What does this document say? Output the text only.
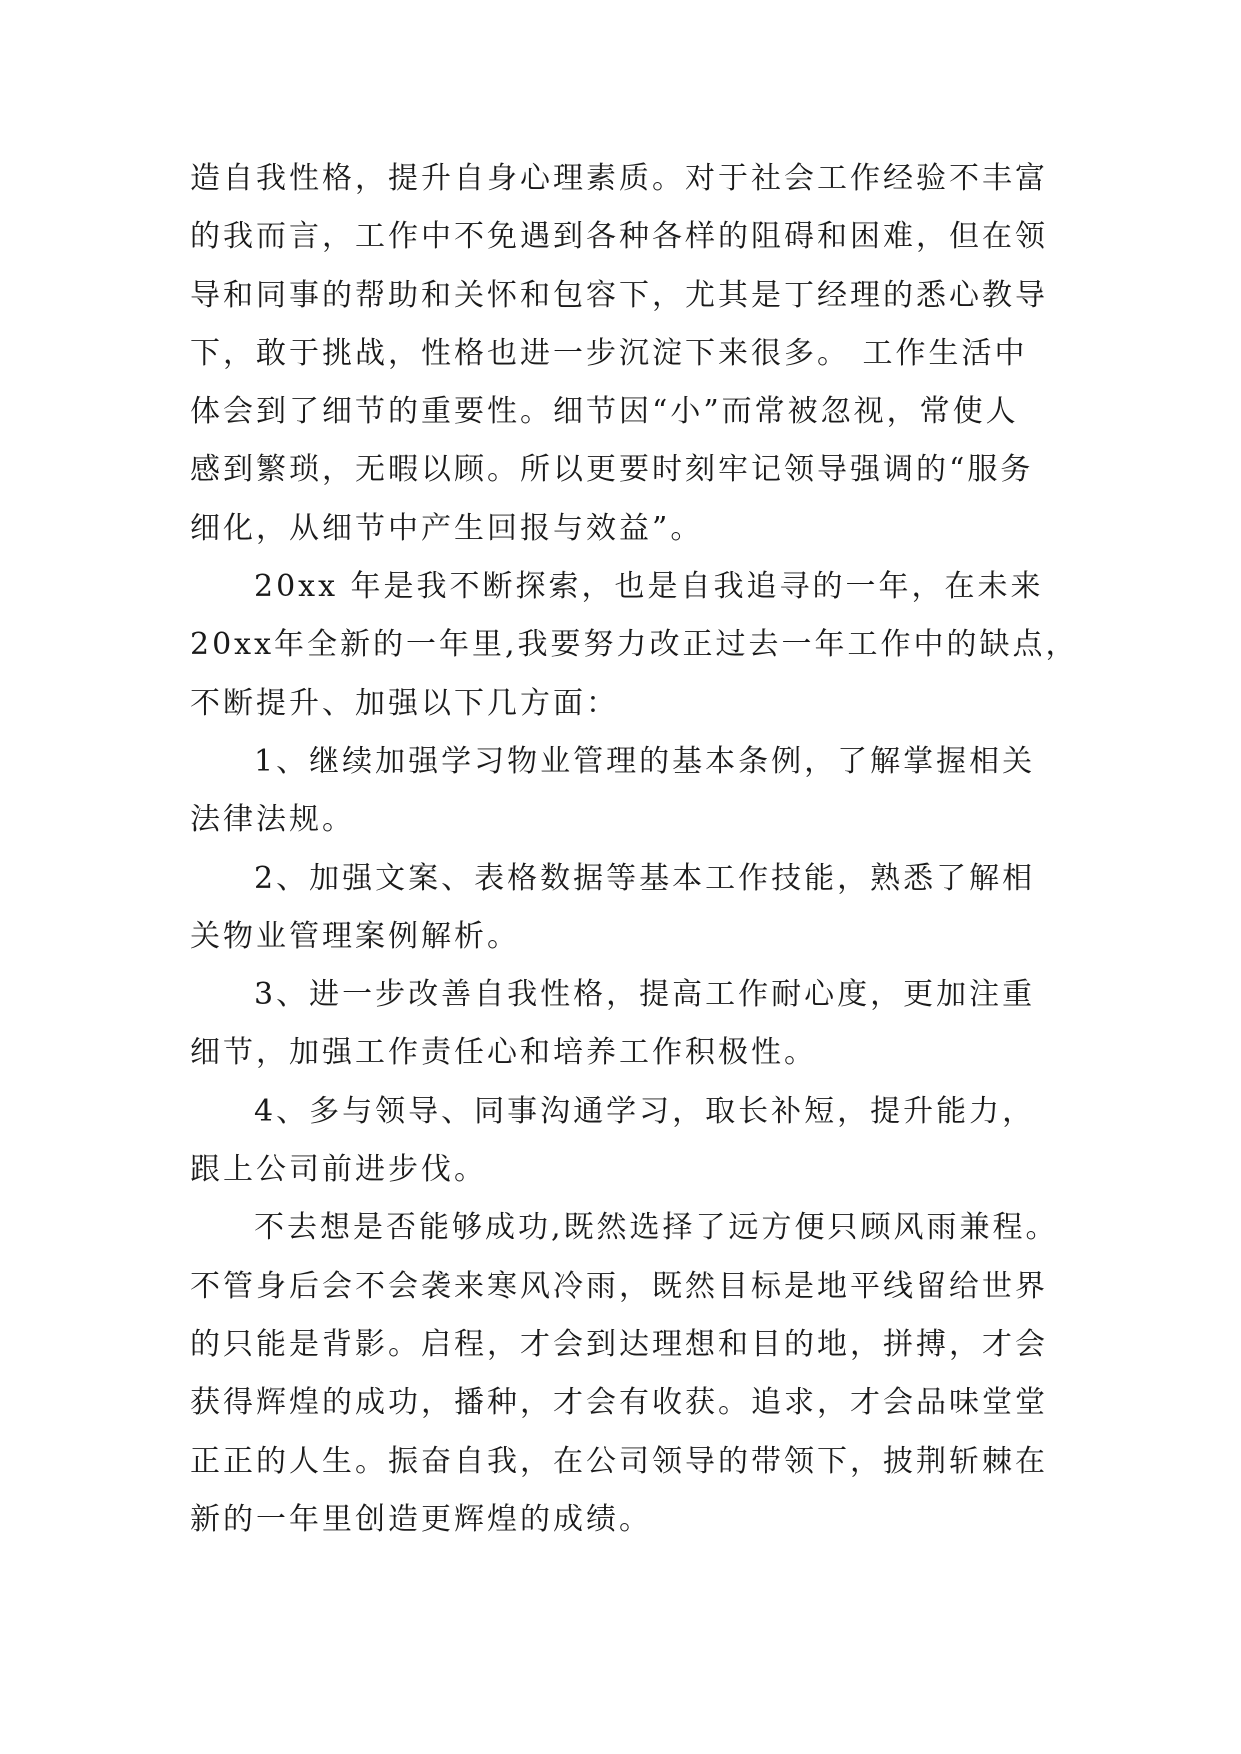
造自我性格，提升自身心理素质。对于社会工作经验不丰富
的我而言，工作中不免遇到各种各样的阻碍和困难，但在领
导和同事的帮助和关怀和包容下，尤其是丁经理的悉心教导
下，敢于挑战，性格也进一步沉淀下来很多。 工作生活中
体会到了细节的重要性。细节因“小”而常被忽视，常使人
感到繁琐，无暇以顾。所以更要时刻牢记领导强调的“服务
细化，从细节中产生回报与效益”。
20xx 年是我不断探索，也是自我追寻的一年，在未来
20xx年全新的一年里,我要努力改正过去一年工作中的缺点，
不断提升、加强以下几方面：
1、继续加强学习物业管理的基本条例，了解掌握相关
法律法规。
2、加强文案、表格数据等基本工作技能，熟悉了解相
关物业管理案例解析。
3、进一步改善自我性格，提高工作耐心度，更加注重
细节，加强工作责任心和培养工作积极性。
4、多与领导、同事沟通学习，取长补短，提升能力，
跟上公司前进步伐。
不去想是否能够成功,既然选择了远方便只顾风雨兼程。
不管身后会不会袭来寒风冷雨，既然目标是地平线留给世界
的只能是背影。启程，才会到达理想和目的地，拼搏，才会
获得辉煌的成功，播种，才会有收获。追求，才会品味堂堂
正正的人生。振奋自我，在公司领导的带领下，披荆斩棘在
新的一年里创造更辉煌的成绩。
